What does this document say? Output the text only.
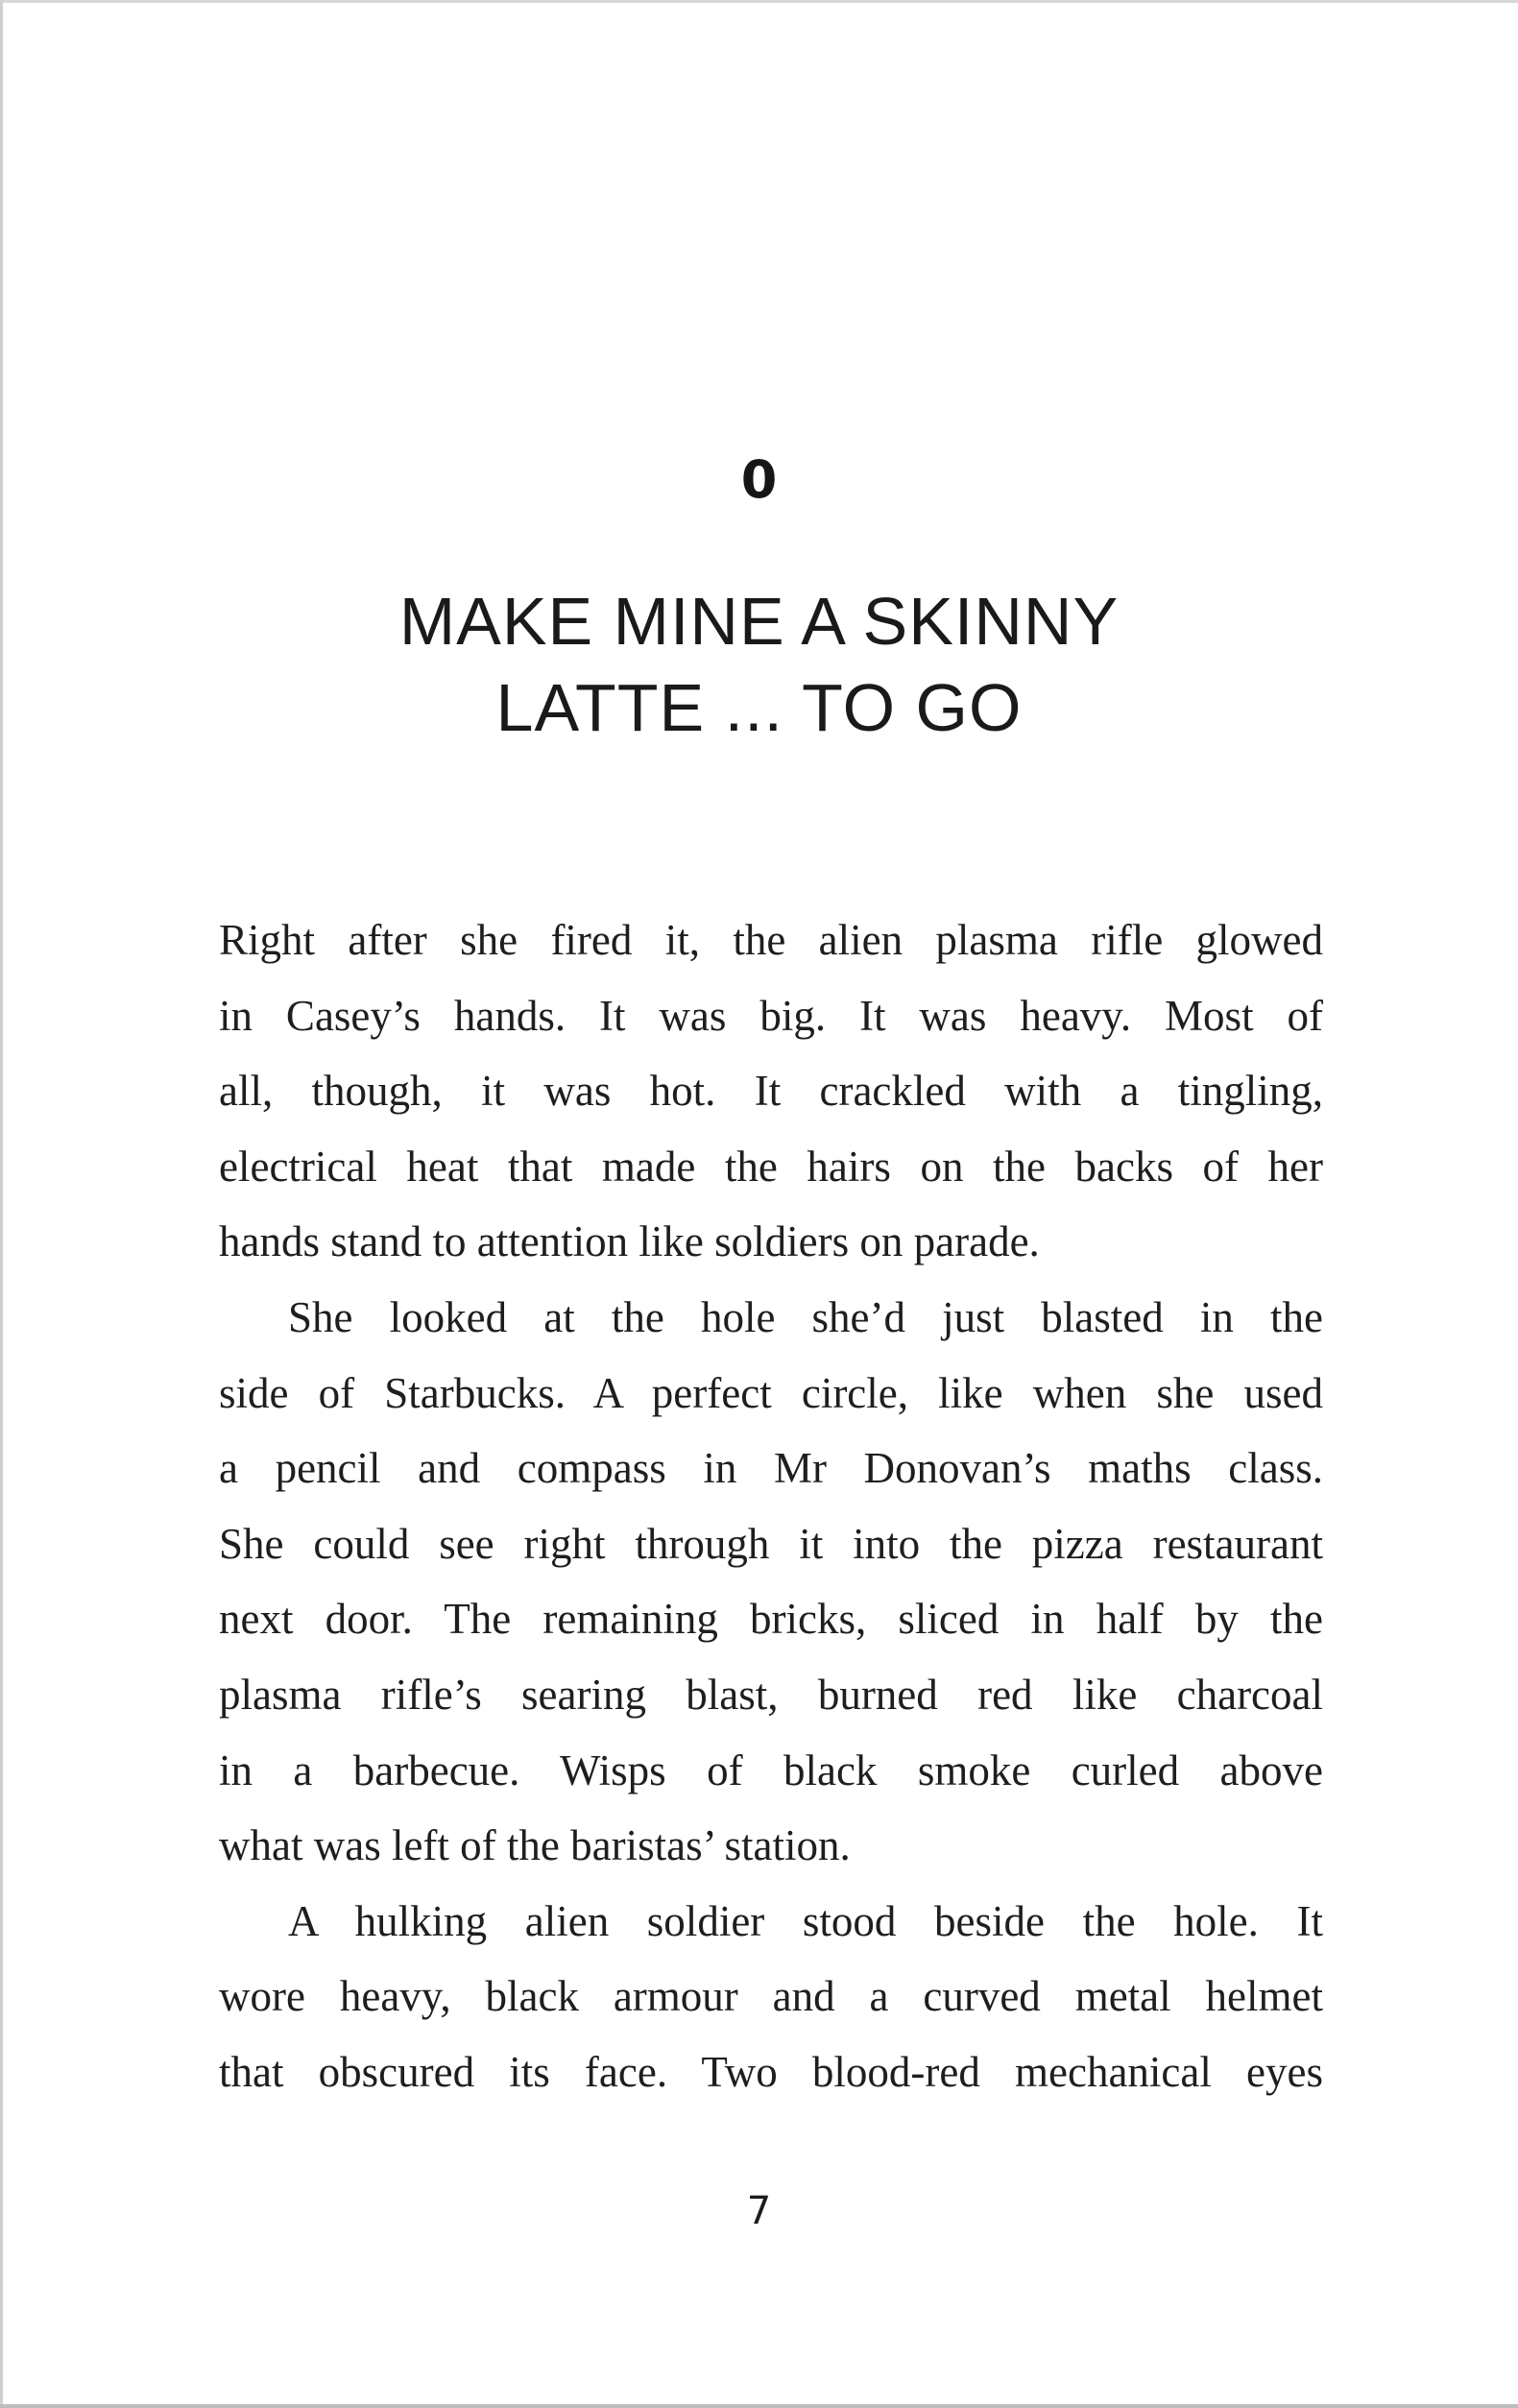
0
MAKE MINE A SKINNY
LATTE ... TO GO
Right after she fired it, the alien plasma rifle glowed
in Casey’s hands. It was big. It was heavy. Most of
all, though, it was hot. It crackled with a tingling,
electrical heat that made the hairs on the backs of her
hands stand to attention like soldiers on parade.
She looked at the hole she’d just blasted in the
side of Starbucks. A perfect circle, like when she used
a pencil and compass in Mr Donovan’s maths class.
She could see right through it into the pizza restaurant
next door. The remaining bricks, sliced in half by the
plasma rifle’s searing blast, burned red like charcoal
in a barbecue. Wisps of black smoke curled above
what was left of the baristas’ station.
A hulking alien soldier stood beside the hole. It
wore heavy, black armour and a curved metal helmet
that obscured its face. Two blood-red mechanical eyes
7
